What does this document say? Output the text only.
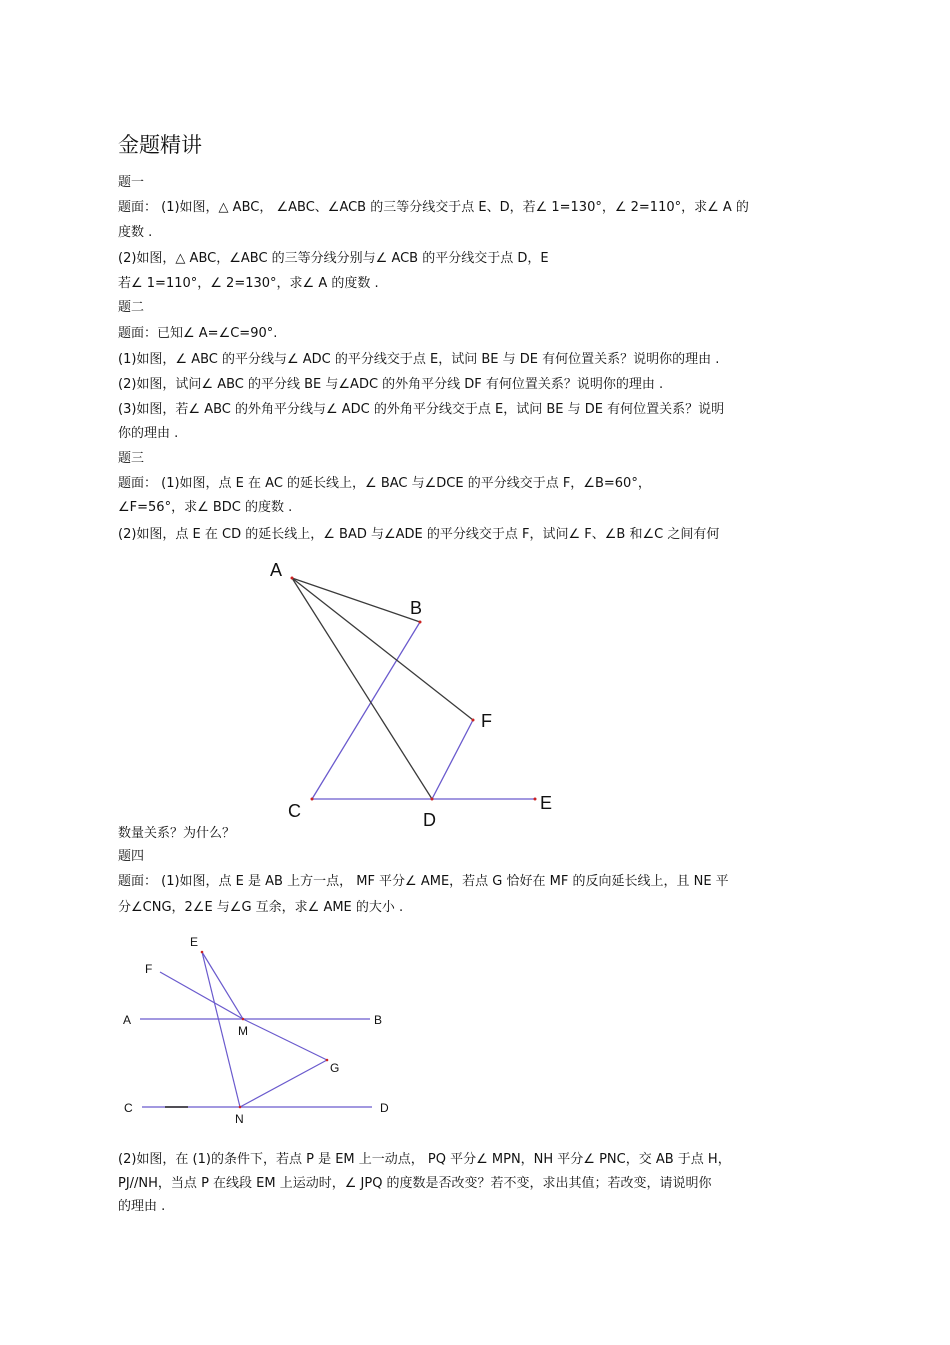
金题精讲
题一
题面： (1)如图，△ ABC， ∠ABC、∠ACB 的三等分线交于点 E、D，若∠ 1=130°，∠ 2=110°，求∠ A 的
度数 .
(2)如图，△ ABC，∠ABC 的三等分线分别与∠ ACB 的平分线交于点 D，E
若∠ 1=110°，∠ 2=130°，求∠ A 的度数 .
题二
题面：已知∠ A=∠C=90°.
(1)如图，∠ ABC 的平分线与∠ ADC 的平分线交于点 E，试问 BE 与 DE 有何位置关系？说明你的理由 .
(2)如图，试问∠ ABC 的平分线 BE 与∠ADC 的外角平分线 DF 有何位置关系？说明你的理由 .
(3)如图，若∠ ABC 的外角平分线与∠ ADC 的外角平分线交于点 E，试问 BE 与 DE 有何位置关系？说明
你的理由 .
题三
题面： (1)如图，点 E 在 AC 的延长线上，∠ BAC 与∠DCE 的平分线交于点 F，∠B=60°，
∠F=56°，求∠ BDC 的度数 .
(2)如图，点 E 在 CD 的延长线上，∠ BAD 与∠ADE 的平分线交于点 F，试问∠ F、∠B 和∠C 之间有何
数量关系？为什么？
题四
题面： (1)如图，点 E 是 AB 上方一点， MF 平分∠ AME，若点 G 恰好在 MF 的反向延长线上，且 NE 平
分∠CNG，2∠E 与∠G 互余，求∠ AME 的大小 .
(2)如图，在 (1)的条件下，若点 P 是 EM 上一动点， PQ 平分∠ MPN，NH 平分∠ PNC，交 AB 于点 H，
PJ//NH，当点 P 在线段 EM 上运动时，∠ JPQ 的度数是否改变？若不变，求出其值；若改变，请说明你
的理由 .
A
B
F
C	D
E
E
F
A	B
M
G
C	D
N
